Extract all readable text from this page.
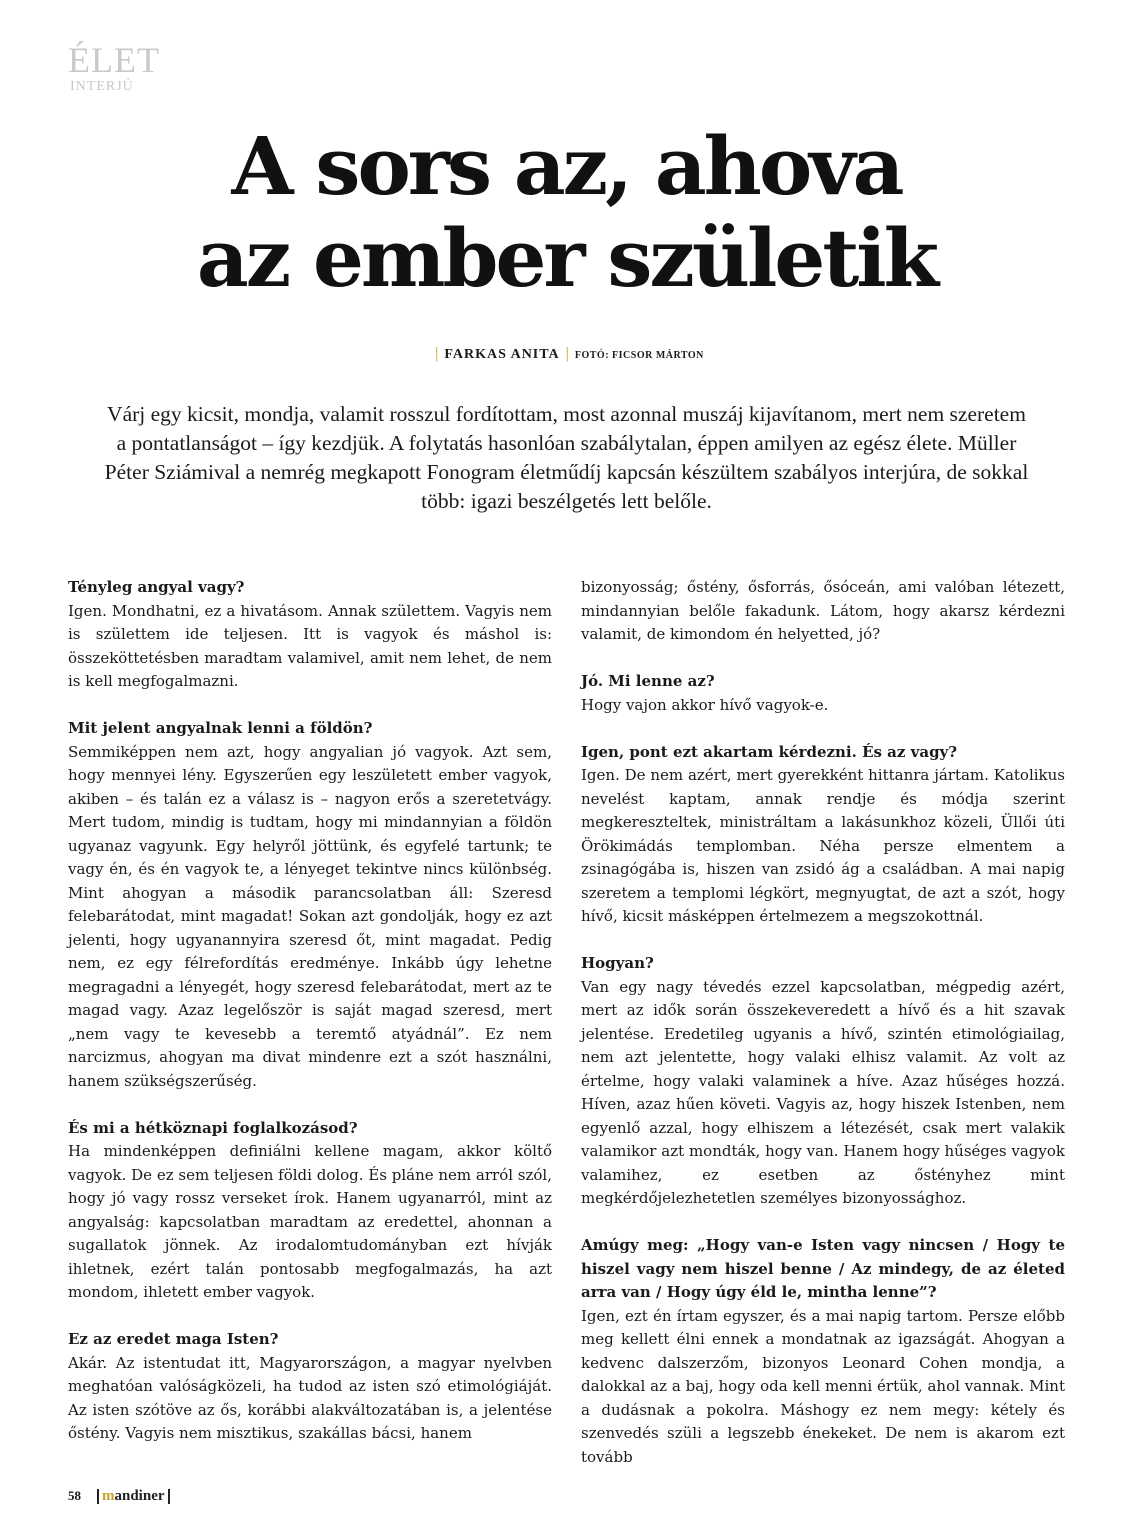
ÉLET
INTERJÚ
A sors az, ahova
az ember születik
| FARKAS ANITA | FOTÓ: FICSOR MÁRTON

Várj egy kicsit, mondja, valamit rosszul fordítottam, most azonnal muszáj kijavítanom, mert nem szeretem a pontatlanságot – így kezdjük. A folytatás hasonlóan szabálytalan, éppen amilyen az egész élete. Müller Péter Sziámival a nemrég megkapott Fonogram életműdíj kapcsán készültem szabályos interjúra, de sokkal több: igazi beszélgetés lett belőle.

Tényleg angyal vagy?
Igen. Mondhatni, ez a hivatásom. Annak születtem. Vagyis nem is születtem ide teljesen. Itt is vagyok és máshol is: összeköttetésben maradtam valamivel, amit nem lehet, de nem is kell megfogalmazni.
Mit jelent angyalnak lenni a földön?
Semmiképpen nem azt, hogy angyalian jó vagyok. Azt sem, hogy mennyei lény. Egyszerűen egy leszületett ember vagyok, akiben – és talán ez a válasz is – nagyon erős a szeretetvágy. Mert tudom, mindig is tudtam, hogy mi mindannyian a földön ugyanaz vagyunk. Egy helyről jöttünk, és egyfelé tartunk; te vagy én, és én vagyok te, a lényeget tekintve nincs különbség. Mint ahogyan a második parancsolatban áll: Szeresd felebarátodat, mint magadat! Sokan azt gondolják, hogy ez azt jelenti, hogy ugyanannyira szeresd őt, mint magadat. Pedig nem, ez egy félrefordítás eredménye. Inkább úgy lehetne megragadni a lényegét, hogy szeresd felebarátodat, mert az te magad vagy. Azaz legelőször is saját magad szeresd, mert „nem vagy te kevesebb a teremtő atyádnál”. Ez nem narcizmus, ahogyan ma divat mindenre ezt a szót használni, hanem szükségszerűség.
És mi a hétköznapi foglalkozásod?
Ha mindenképpen definiálni kellene magam, akkor költő vagyok. De ez sem teljesen földi dolog. És pláne nem arról szól, hogy jó vagy rossz verseket írok. Hanem ugyanarról, mint az angyalság: kapcsolatban maradtam az eredettel, ahonnan a sugallatok jönnek. Az irodalomtudományban ezt hívják ihletnek, ezért talán pontosabb megfogalmazás, ha azt mondom, ihletett ember vagyok.
Ez az eredet maga Isten?
Akár. Az istentudat itt, Magyarországon, a magyar nyelvben meghatóan valóságközeli, ha tudod az isten szó etimológiáját. Az isten szótöve az ős, korábbi alakváltozatában is, a jelentése őstény. Vagyis nem misztikus, szakállas bácsi, hanem
bizonyosság; őstény, ősforrás, ősóceán, ami valóban létezett, mindannyian belőle fakadunk. Látom, hogy akarsz kérdezni valamit, de kimondom én helyetted, jó?
Jó. Mi lenne az?
Hogy vajon akkor hívő vagyok-e.
Igen, pont ezt akartam kérdezni. És az vagy?
Igen. De nem azért, mert gyerekként hittanra jártam. Katolikus nevelést kaptam, annak rendje és módja szerint megkereszteltek, ministráltam a lakásunkhoz közeli, Üllői úti Örökimádás templomban. Néha persze elmentem a zsinagógába is, hiszen van zsidó ág a családban. A mai napig szeretem a templomi légkört, megnyugtat, de azt a szót, hogy hívő, kicsit másképpen értelmezem a megszokottnál.
Hogyan?
Van egy nagy tévedés ezzel kapcsolatban, mégpedig azért, mert az idők során összekeveredett a hívő és a hit szavak jelentése. Eredetileg ugyanis a hívő, szintén etimológiailag, nem azt jelentette, hogy valaki elhisz valamit. Az volt az értelme, hogy valaki valaminek a híve. Azaz hűséges hozzá. Híven, azaz hűen követi. Vagyis az, hogy hiszek Istenben, nem egyenlő azzal, hogy elhiszem a létezését, csak mert valakik valamikor azt mondták, hogy van. Hanem hogy hűséges vagyok valamihez, ez esetben az őstényhez mint megkérdőjelezhetetlen személyes bizonyossághoz.
Amúgy meg: „Hogy van-e Isten vagy nincsen / Hogy te hiszel vagy nem hiszel benne / Az mindegy, de az életed arra van / Hogy úgy éld le, mintha lenne”?
Igen, ezt én írtam egyszer, és a mai napig tartom. Persze előbb meg kellett élni ennek a mondatnak az igazságát. Ahogyan a kedvenc dalszerzőm, bizonyos Leonard Cohen mondja, a dalokkal az a baj, hogy oda kell menni értük, ahol vannak. Mint a dudásnak a pokolra. Máshogy ez nem megy: kétely és szenvedés szüli a legszebb énekeket. De nem is akarom ezt tovább
58 mandiner
